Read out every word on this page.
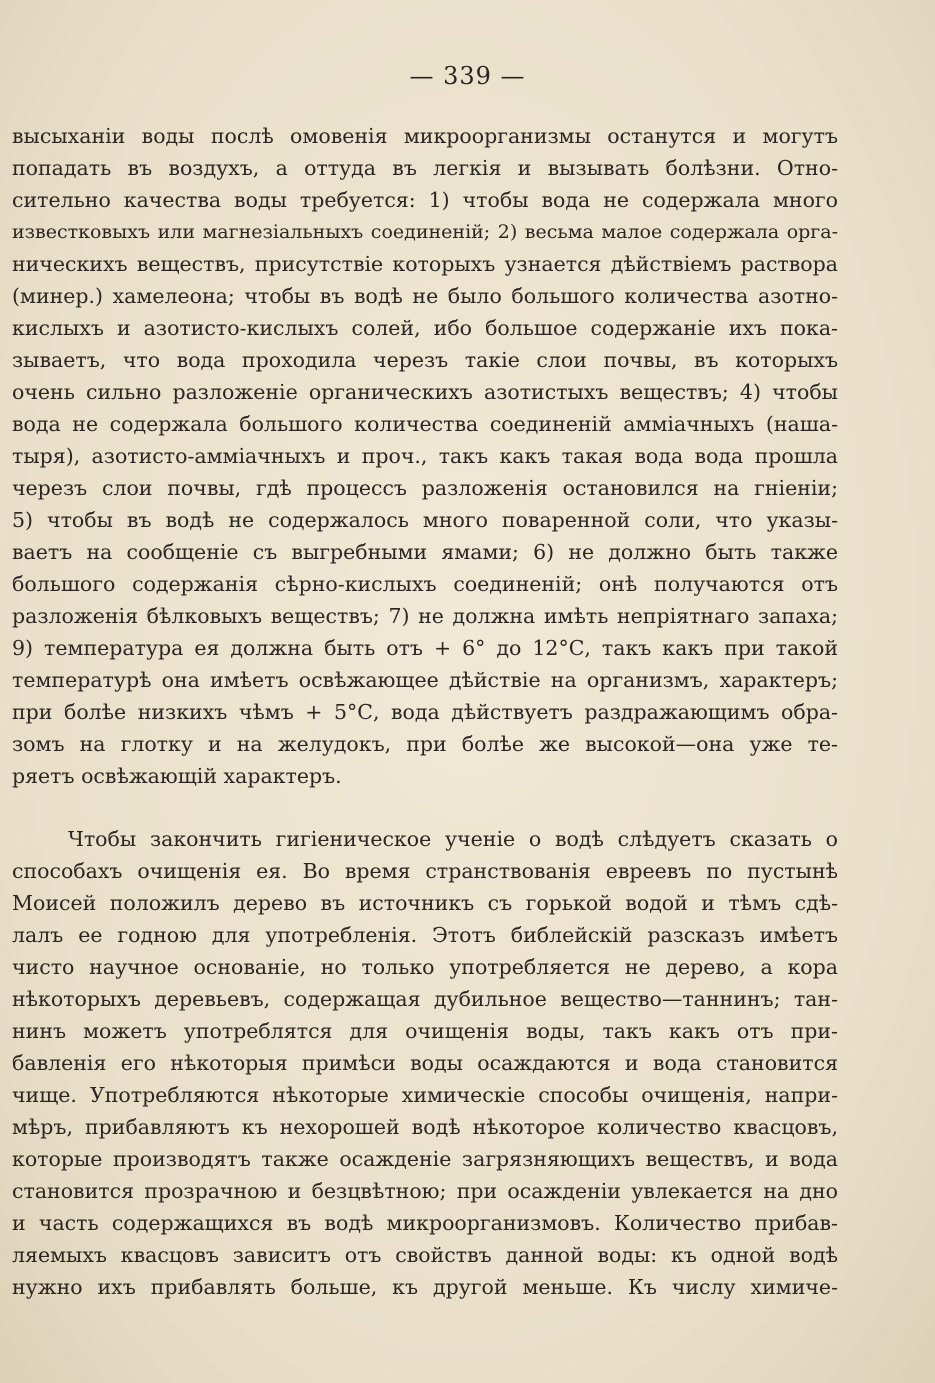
— 339 —
высыханіи воды послѣ омовенія микроорганизмы останутся и могутъ
попадать въ воздухъ, а оттуда въ легкія и вызывать болѣзни. Отно-
сительно качества воды требуется: 1) чтобы вода не содержала много
известковыхъ или магнезіальныхъ соединеній; 2) весьма малое содержала орга-
ническихъ веществъ, присутствіе которыхъ узнается дѣйствіемъ раствора
(минер.) хамелеона; чтобы въ водѣ не было большого количества азотно-
кислыхъ и азотисто-кислыхъ солей, ибо большое содержаніе ихъ пока-
зываетъ, что вода проходила черезъ такіе слои почвы, въ которыхъ
очень сильно разложеніе органическихъ азотистыхъ веществъ; 4) чтобы
вода не содержала большого количества соединеній аммiачныхъ (наша-
тыря), азотисто-аммiачныхъ и проч., такъ какъ такая вода вода прошла
черезъ слои почвы, гдѣ процессъ разложенія остановился на гніеніи;
5) чтобы въ водѣ не содержалось много поваренной соли, что указы-
ваетъ на сообщеніе съ выгребными ямами; 6) не должно быть также
большого содержанія сѣрно-кислыхъ соединеній; онѣ получаются отъ
разложенія бѣлковыхъ веществъ; 7) не должна имѣть непріятнаго запаха;
9) температура ея должна быть отъ + 6° до 12°С, такъ какъ при такой
температурѣ она имѣетъ освѣжающее дѣйствіе на организмъ, характеръ;
при болѣе низкихъ чѣмъ + 5°С, вода дѣйствуетъ раздражающимъ обра-
зомъ на глотку и на желудокъ, при болѣе же высокой—она уже те-
ряетъ освѣжающій характеръ.
Чтобы закончить гигіеническое ученіе о водѣ слѣдуетъ сказать о
способахъ очищенія ея. Во время странствованія евреевъ по пустынѣ
Моисей положилъ дерево въ источникъ съ горькой водой и тѣмъ сдѣ-
лалъ ее годною для употребленія. Этотъ библейскій разсказъ имѣетъ
чисто научное основаніе, но только употребляется не дерево, а кора
нѣкоторыхъ деревьевъ, содержащая дубильное вещество—таннинъ; тан-
нинъ можетъ употреблятся для очищенія воды, такъ какъ отъ при-
бавленія его нѣкоторыя примѣси воды осаждаются и вода становится
чище. Употребляются нѣкоторые химическіе способы очищенія, напри-
мѣръ, прибавляютъ къ нехорошей водѣ нѣкоторое количество квасцовъ,
которые производятъ также осажденіе загрязняющихъ веществъ, и вода
становится прозрачною и безцвѣтною; при осажденіи увлекается на дно
и часть содержащихся въ водѣ микроорганизмовъ. Количество прибав-
ляемыхъ квасцовъ зависитъ отъ свойствъ данной воды: къ одной водѣ
нужно ихъ прибавлять больше, къ другой меньше. Къ числу химиче-
